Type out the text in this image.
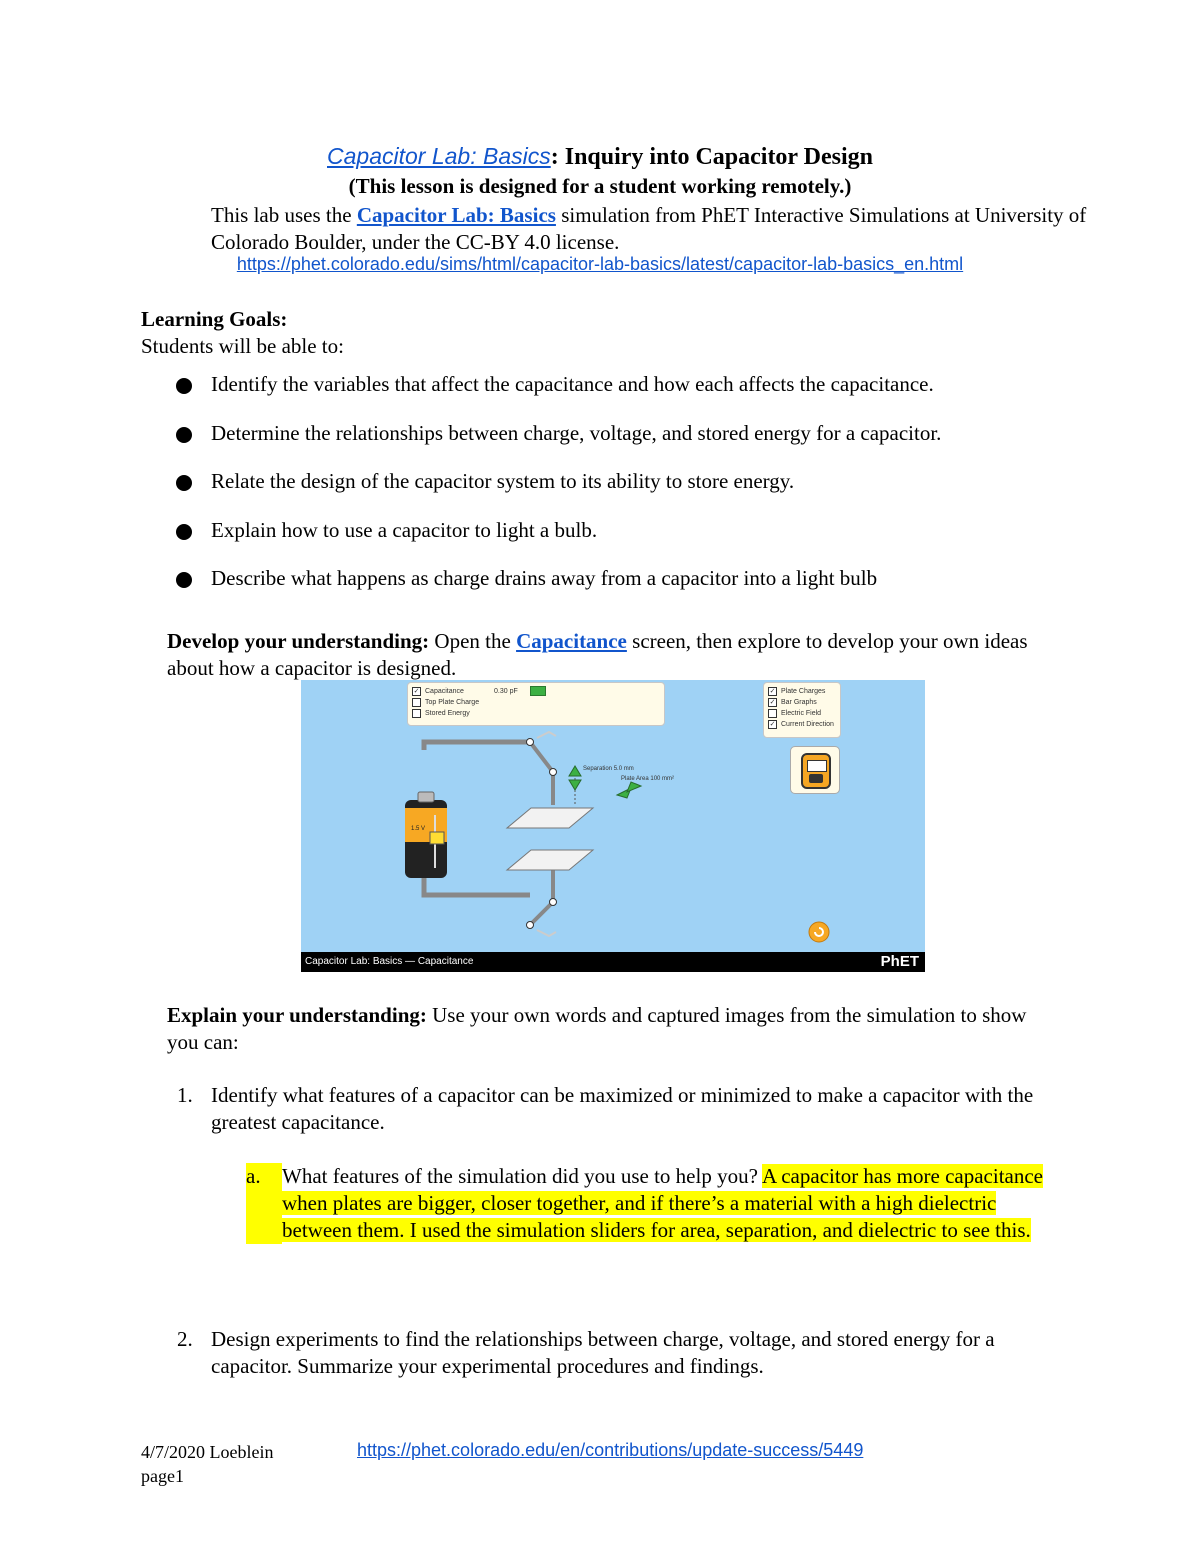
Capacitor Lab: Basics: Inquiry into Capacitor Design
(This lesson is designed for a student working remotely.)
This lab uses the Capacitor Lab: Basics simulation from PhET Interactive Simulations at University of Colorado Boulder, under the CC-BY 4.0 license.
https://phet.colorado.edu/sims/html/capacitor-lab-basics/latest/capacitor-lab-basics_en.html
Learning Goals:
Students will be able to:
Identify the variables that affect the capacitance and how each affects the capacitance.
Determine the relationships between charge, voltage, and stored energy for a capacitor.
Relate the design of the capacitor system to its ability to store energy.
Explain how to use a capacitor to light a bulb.
Describe what happens as charge drains away from a capacitor into a light bulb
Develop your understanding: Open the Capacitance screen, then explore to develop your own ideas about how a capacitor is designed.
✓ Capacitance
Top Plate Charge
Stored Energy
0.30 pF	✓ Plate Charges
✓ Bar Graphs
Electric Field
✓ Current Direction
Separation 5.0 mm
Plate Area 100 mm²
1.5 V
Capacitor Lab: Basics — Capacitance	PhET
Explain your understanding: Use your own words and captured images from the simulation to show you can:
1. Identify what features of a capacitor can be maximized or minimized to make a capacitor with the greatest capacitance.
a.	What features of the simulation did you use to help you? A capacitor has more capacitance when plates are bigger, closer together, and if there’s a material with a high dielectric between them. I used the simulation sliders for area, separation, and dielectric to see this.
2. Design experiments to find the relationships between charge, voltage, and stored energy for a capacitor. Summarize your experimental procedures and findings.
4/7/2020 Loeblein
page1
https://phet.colorado.edu/en/contributions/update-success/5449
